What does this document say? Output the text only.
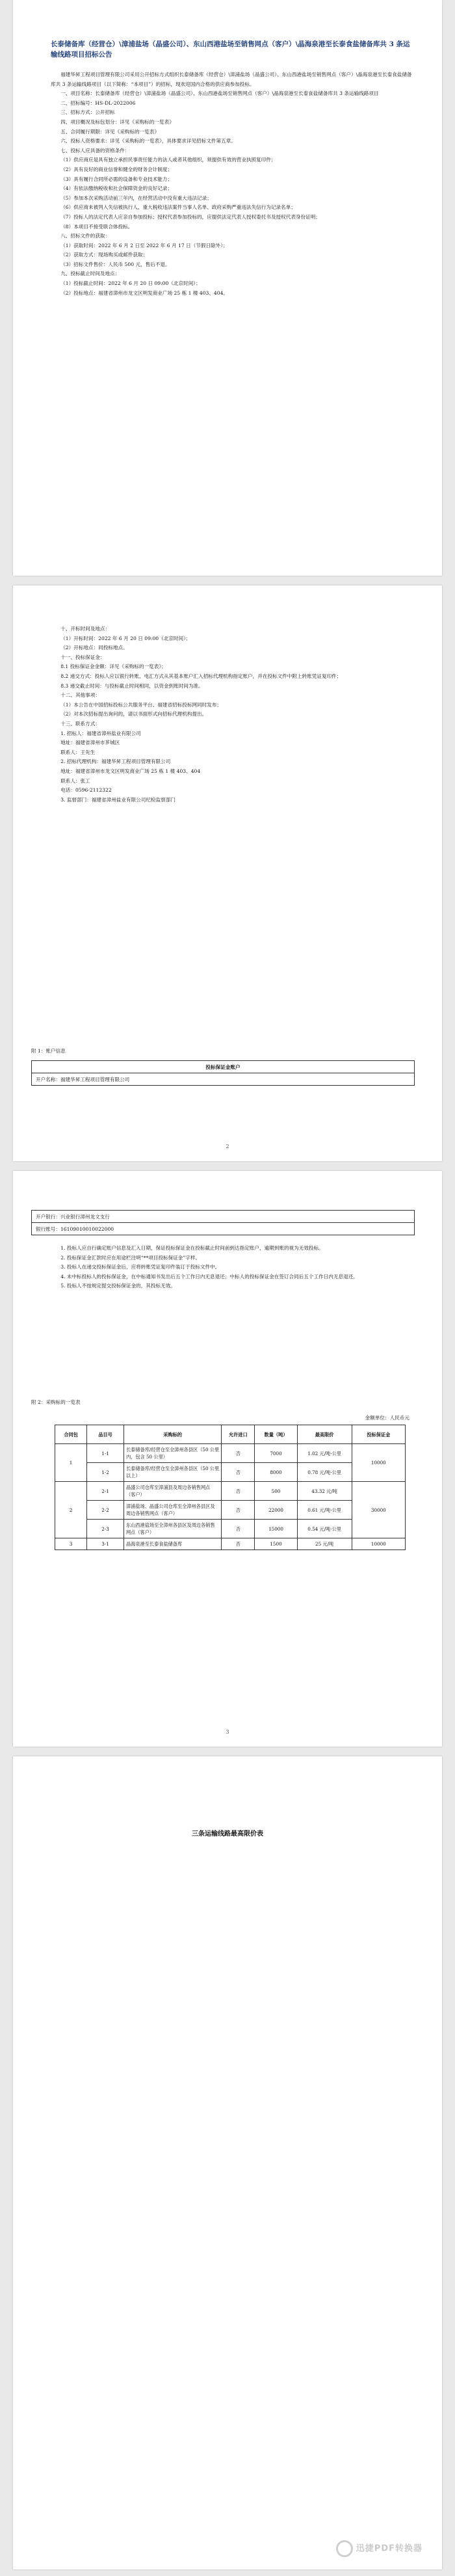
长泰储备库（经营仓）\漳浦盐场（晶盛公司）、东山西港盐场至销售网点（客户）\晶海泉港至长泰食盐储备库共 3 条运输线路项目招标公告

福建华昇工程项目管理有限公司采用公开招标方式组织长泰储备库（经营仓）\漳浦盐场（晶盛公司）、东山西港盐场至销售网点（客户）\晶海泉港至长泰食盐储备库共 3 条运输线路项目（以下简称：“本项目”）的招标，现欢迎国内合格的供应商参加投标。

一、项目名称：长泰储备库（经营仓）\漳浦盐场（晶盛公司）、东山西港盐场至销售网点（客户）\晶海泉港至长泰食盐储备库共 3 条运输线路项目

二、招标编号：HS-DL-2022006

三、招标方式：公开招标

四、项目概况及标包划分：详见《采购标的一览表》

五、合同履行期限：详见《采购标的一览表》

六、投标人资格要求：详见《采购标的一览表》，具体要求详见招标文件第五章。

七、投标人应具备的资格条件：

（1）供应商应是具有独立承担民事责任能力的法人或者其他组织，须提供有效的营业执照复印件；

（2）具有良好的商业信誉和健全的财务会计制度；

（3）具有履行合同所必需的设备和专业技术能力；

（4）有依法缴纳税收和社会保障资金的良好记录；

（5）参加本次采购活动前三年内，在经营活动中没有重大违法记录；

（6）供应商未被列入失信被执行人、重大税收违法案件当事人名单、政府采购严重违法失信行为记录名单；

（7）投标人的法定代表人应亲自参加投标；授权代表参加投标的，应提供法定代表人授权委托书及授权代表身份证明；

（8）本项目不接受联合体投标。

八、招标文件的获取：

（1）获取时间：2022 年 6 月 2 日至 2022 年 6 月 17 日（节假日除外）；

（2）获取方式：现场购买或邮件获取；

（3）招标文件售价：人民币 500 元，售后不退。

九、投标截止时间及地点：

（1）投标截止时间：2022 年 6 月 20 日 09:00（北京时间）；

（2）投标地点：福建省漳州市龙文区明发商业广场 25 栋 1 楼 403、404。

十、开标时间及地点：

（1）开标时间：2022 年 6 月 20 日 09:00（北京时间）；

（2）开标地点：同投标地点。

十一、投标保证金：

8.1 投标保证金金额：详见《采购标的一览表》；

8.2 递交方式：投标人应以银行转账、电汇方式从其基本账户汇入招标代理机构指定账户，并在投标文件中附上转账凭证复印件；

8.3 递交截止时间：与投标截止时间相同，以资金到账时间为准。

十二、其他事项：

（1）本公告在中国招标投标公共服务平台、福建省招标投标网同时发布；

（2）对本次招标提出询问的，请以书面形式向招标代理机构提出。

十三、联系方式：

1. 招标人：福建省漳州盐业有限公司

地址：福建省漳州市芗城区

联系人：王先生

2. 招标代理机构：福建华昇工程项目管理有限公司

地址：福建省漳州市龙文区明发商业广场 25 栋 1 楼 403、404

联系人：张工

电话：0596-2112322

3. 监督部门：福建省漳州盐业有限公司纪检监察部门

附 1：账户信息
投标保证金账户
开户名称：福建华昇工程项目管理有限公司
2
开户银行：兴业银行漳州龙文支行
银行账号：16109010010022000

1. 投标人应自行确定账户信息及汇入日期，保证投标保证金在投标截止时间前到达指定账户，逾期到账的视为无效投标。

2. 投标保证金汇款时应在用途栏注明“**项目投标保证金”字样。

3. 投标人在递交投标保证金后，应将转账凭证复印件装订于投标文件中。

4. 未中标投标人的投标保证金，在中标通知书发出后五个工作日内无息退还；中标人的投标保证金在签订合同后五个工作日内无息退还。

5. 投标人不按规定提交投标保证金的，其投标无效。

附 2：采购标的一览表
金额单位：人民币元
合同包	品目号	采购标的	允许进口	数量（吨）	最高限价	投标保证金
1	1-1	长泰储备库/经营仓至全漳州各县区（50 公里内，包含 50 公里）	否	7000	1.02 元/吨·公里	10000
	1-2	长泰储备库/经营仓至全漳州各县区（50 公里以上）	否	8000	0.78 元/吨·公里	
2	2-1	晶盛公司仓库至漳浦县及周边各销售网点（客户）	否	500	43.32 元/吨	30000
	2-2	漳浦盐场、晶盛公司仓库至全漳州各县区及周边各销售网点（客户）	否	22000	0.61 元/吨·公里	
	2-3	东山西港盐场至全漳州各县区及周边各销售网点（客户）	否	15000	0.54 元/吨·公里	
3	3-1	晶海泉港至长泰食盐储备库	否	1500	25 元/吨	10000
3
三条运输线路最高限价表
迅捷PDF转换器
